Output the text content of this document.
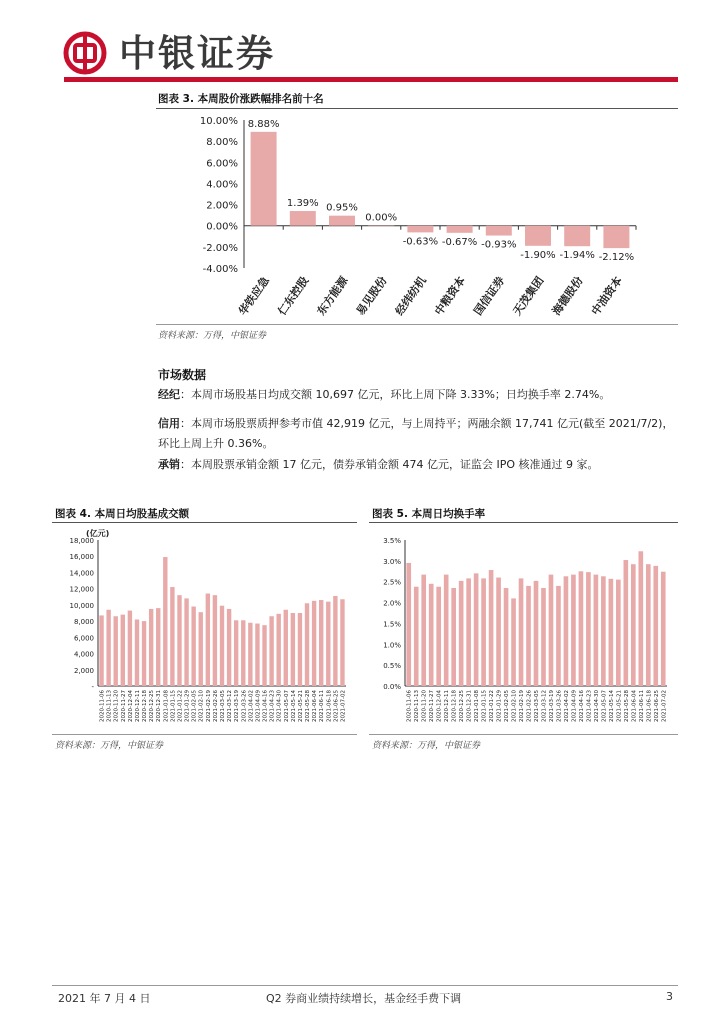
中银证券
图表 3. 本周股价涨跌幅排名前十名
10.00%
8.00%
6.00%
4.00%
2.00%
0.00%
-2.00%
-4.00%
8.88%
华铁应急
1.39%
仁东控股
0.95%
东方能源
0.00%
易见股份
-0.63%
经纬纺机
-0.67%
中粮资本
-0.93%
国信证券
-1.90%
天茂集团
-1.94%
海德股份
-2.12%
中油资本
资料来源：万得，中银证券
市场数据
经纪：本周市场股基日均成交额 10,697 亿元，环比上周下降 3.33%；日均换手率 2.74%。
信用：本周市场股票质押参考市值 42,919 亿元，与上周持平；两融余额 17,741 亿元(截至 2021/7/2)，环比上周上升 0.36%。
承销：本周股票承销金额 17 亿元，债券承销金额 474 亿元，证监会 IPO 核准通过 9 家。
图表 4. 本周日均股基成交额
18,000
16,000
14,000
12,000
10,000
8,000
6,000
4,000
2,000
-
(亿元)
2020-11-06 2020-11-13 2020-11-20 2020-11-27 2020-12-04 2020-12-11 2020-12-18 2020-12-25 2020-12-31 2021-01-08 2021-01-15 2021-01-22 2021-01-29 2021-02-05 2021-02-10 2021-02-19 2021-02-26 2021-03-05 2021-03-12 2021-03-19 2021-03-26 2021-04-02 2021-04-09 2021-04-16 2021-04-23 2021-04-30 2021-05-07 2021-05-14 2021-05-21 2021-05-28 2021-06-04 2021-06-11 2021-06-18 2021-06-25 2021-07-02
资料来源：万得，中银证券
图表 5. 本周日均换手率
3.5%
3.0%
2.5%
2.0%
1.5%
1.0%
0.5%
0.0%
2020-11-06 2020-11-13 2020-11-20 2020-11-27 2020-12-04 2020-12-11 2020-12-18 2020-12-25 2020-12-31 2021-01-08 2021-01-15 2021-01-22 2021-01-29 2021-02-05 2021-02-10 2021-02-19 2021-02-26 2021-03-05 2021-03-12 2021-03-19 2021-03-26 2021-04-02 2021-04-09 2021-04-16 2021-04-23 2021-04-30 2021-05-07 2021-05-14 2021-05-21 2021-05-28 2021-06-04 2021-06-11 2021-06-18 2021-06-25 2021-07-02
资料来源：万得，中银证券
2021 年 7 月 4 日	Q2 券商业绩持续增长，基金经手费下调	3
